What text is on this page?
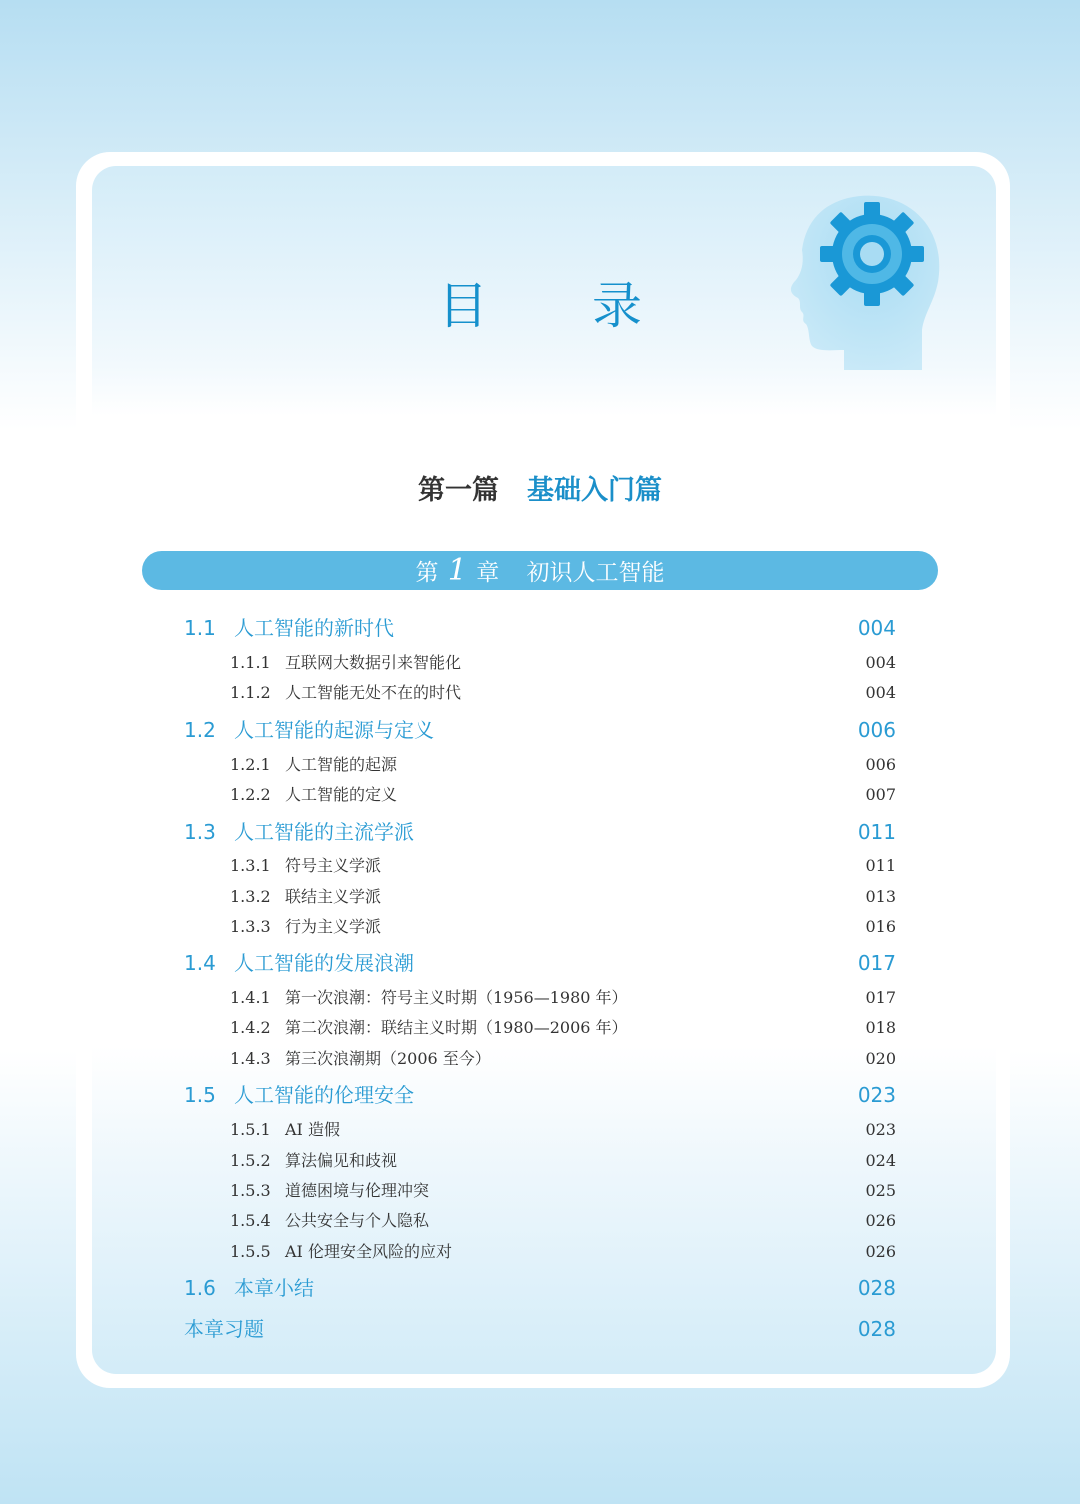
目 录
第一篇 基础入门篇
第 1 章 初识人工智能
1.1 人工智能的新时代	004
1.1.1 互联网大数据引来智能化	004
1.1.2 人工智能无处不在的时代	004
1.2 人工智能的起源与定义	006
1.2.1 人工智能的起源	006
1.2.2 人工智能的定义	007
1.3 人工智能的主流学派	011
1.3.1 符号主义学派	011
1.3.2 联结主义学派	013
1.3.3 行为主义学派	016
1.4 人工智能的发展浪潮	017
1.4.1 第一次浪潮：符号主义时期（1956—1980 年）	017
1.4.2 第二次浪潮：联结主义时期（1980—2006 年）	018
1.4.3 第三次浪潮期（2006 至今）	020
1.5 人工智能的伦理安全	023
1.5.1 AI 造假	023
1.5.2 算法偏见和歧视	024
1.5.3 道德困境与伦理冲突	025
1.5.4 公共安全与个人隐私	026
1.5.5 AI 伦理安全风险的应对	026
1.6 本章小结	028
本章习题	028
